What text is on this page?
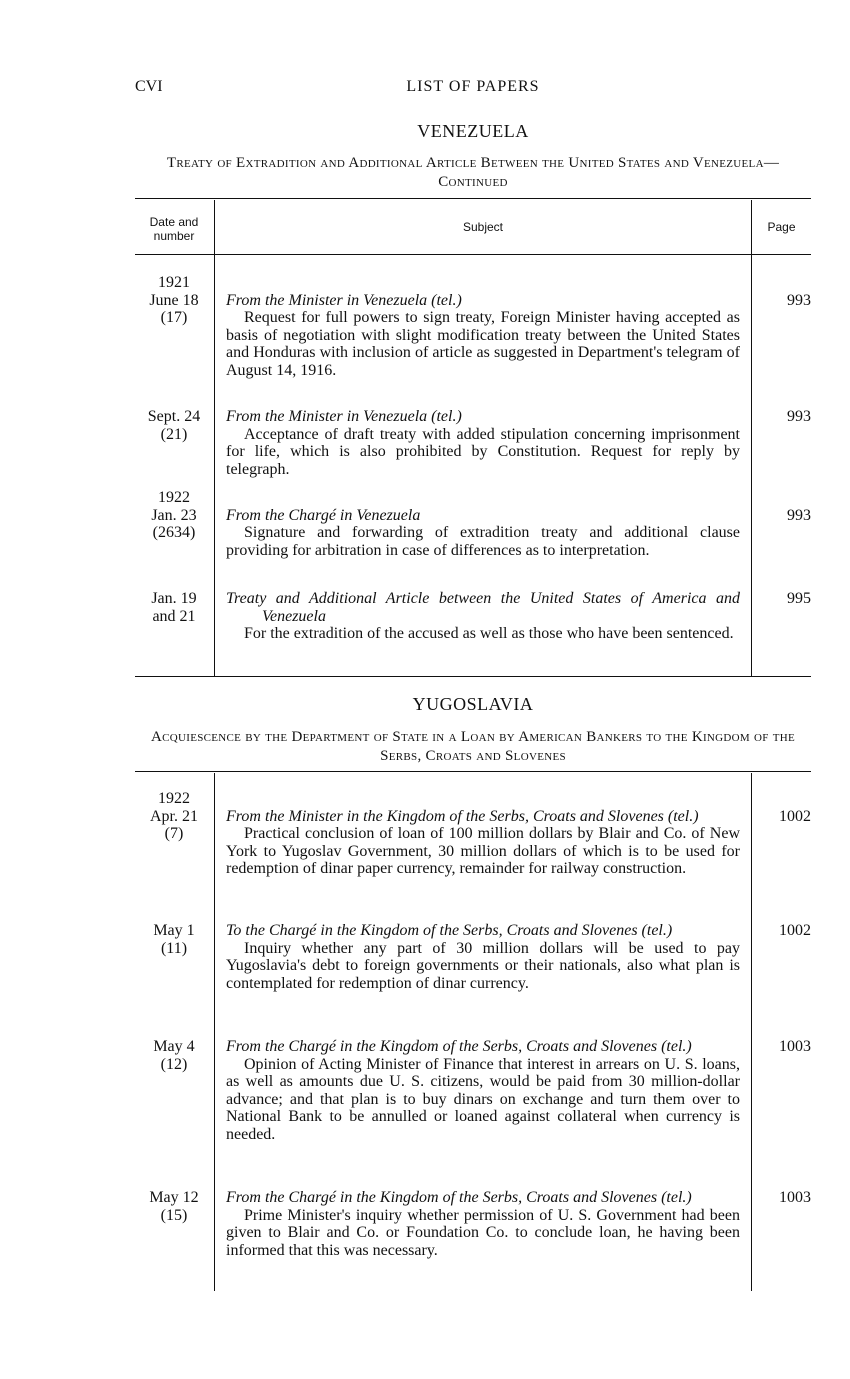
CVI	LIST OF PAPERS
VENEZUELA
Treaty of Extradition and Additional Article Between the United States and Venezuela—Continued
Date and number
Subject	Page
1921
June 18
(17)
From the Minister in Venezuela (tel.)
Request for full powers to sign treaty, Foreign Minister having accepted as basis of negotiation with slight modification treaty between the United States and Honduras with inclusion of article as suggested in Department's telegram of August 14, 1916.
993
Sept. 24
(21)
From the Minister in Venezuela (tel.)
Acceptance of draft treaty with added stipulation concerning imprisonment for life, which is also prohibited by Constitution. Request for reply by telegraph.
993
1922
Jan. 23
(2634)
From the Chargé in Venezuela
Signature and forwarding of extradition treaty and additional clause providing for arbitration in case of differences as to interpretation.
993
Jan. 19
and 21
Treaty and Additional Article between the United States of America and Venezuela
For the extradition of the accused as well as those who have been sentenced.
995
YUGOSLAVIA
Acquiescence by the Department of State in a Loan by American Bankers to the Kingdom of the Serbs, Croats and Slovenes
1922
Apr. 21
(7)
From the Minister in the Kingdom of the Serbs, Croats and Slovenes (tel.)
Practical conclusion of loan of 100 million dollars by Blair and Co. of New York to Yugoslav Government, 30 million dollars of which is to be used for redemption of dinar paper currency, remainder for railway construction.
1002
May 1
(11)
To the Chargé in the Kingdom of the Serbs, Croats and Slovenes (tel.)
Inquiry whether any part of 30 million dollars will be used to pay Yugoslavia's debt to foreign governments or their nationals, also what plan is contemplated for redemption of dinar currency.
1002
May 4
(12)
From the Chargé in the Kingdom of the Serbs, Croats and Slovenes (tel.)
Opinion of Acting Minister of Finance that interest in arrears on U. S. loans, as well as amounts due U. S. citizens, would be paid from 30 million-dollar advance; and that plan is to buy dinars on exchange and turn them over to National Bank to be annulled or loaned against collateral when currency is needed.
1003
May 12
(15)
From the Chargé in the Kingdom of the Serbs, Croats and Slovenes (tel.)
Prime Minister's inquiry whether permission of U. S. Government had been given to Blair and Co. or Foundation Co. to conclude loan, he having been informed that this was necessary.
1003
